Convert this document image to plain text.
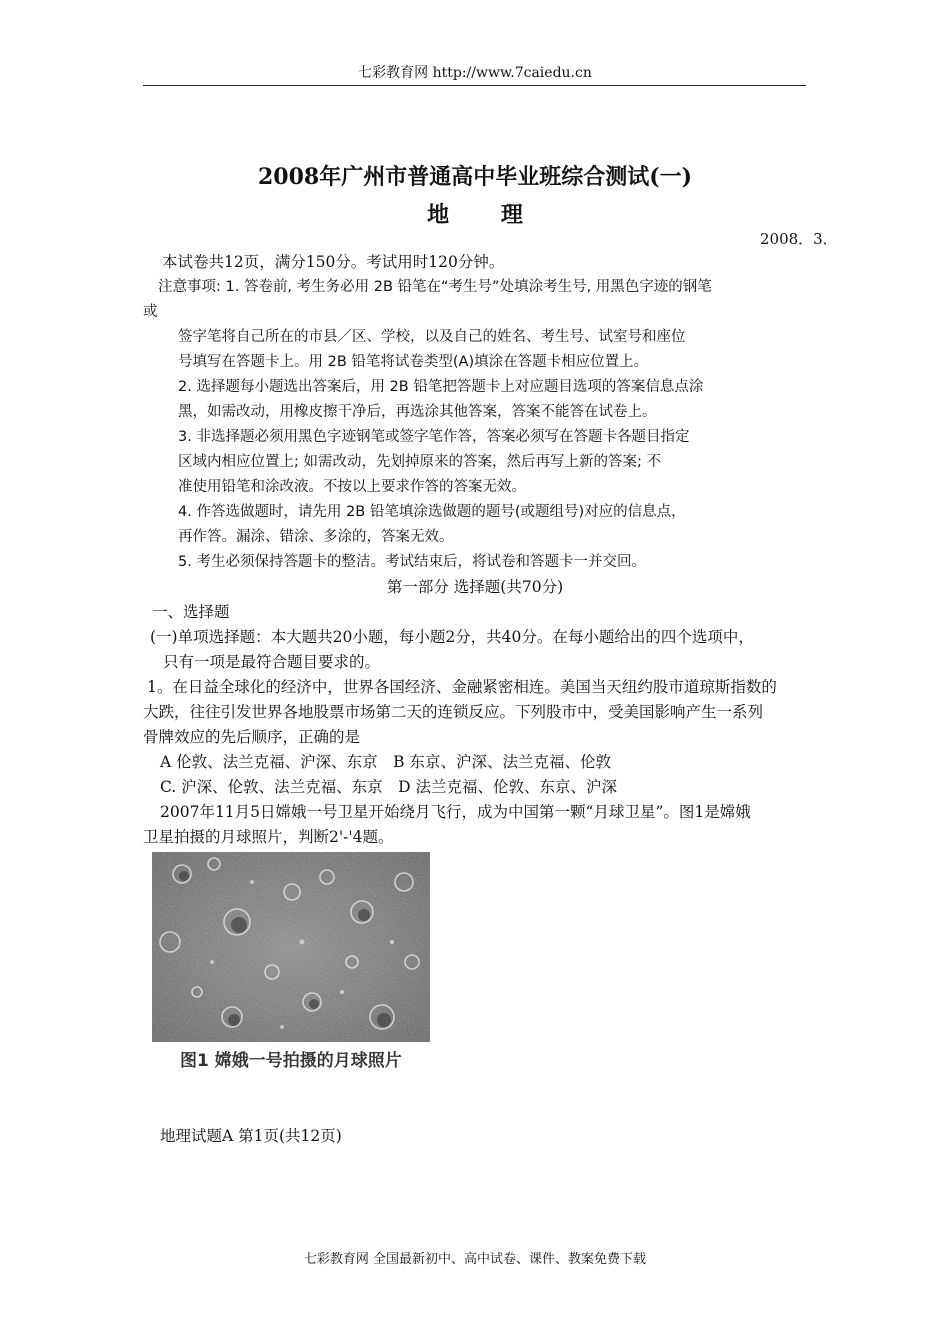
七彩教育网 http://www.7caiedu.cn
2008年广州市普通高中毕业班综合测试(一)
地 理
2008．3．
本试卷共12页，满分150分。考试用时120分钟。
注意事项: 1. 答卷前, 考生务必用 2B 铅笔在“考生号”处填涂考生号, 用黑色字迹的钢笔
或
签字笔将自己所在的市县／区、学校，以及自己的姓名、考生号、试室号和座位
号填写在答题卡上。用 2B 铅笔将试卷类型(A)填涂在答题卡相应位置上。
2. 选择题每小题选出答案后，用 2B 铅笔把答题卡上对应题目选项的答案信息点涂
黑，如需改动，用橡皮擦干净后，再选涂其他答案，答案不能答在试卷上。
3. 非选择题必须用黑色字迹钢笔或签字笔作答，答案必须写在答题卡各题目指定
区域内相应位置上; 如需改动，先划掉原来的答案，然后再写上新的答案; 不
准使用铅笔和涂改液。不按以上要求作答的答案无效。
4. 作答选做题时，请先用 2B 铅笔填涂选做题的题号(或题组号)对应的信息点，
再作答。漏涂、错涂、多涂的，答案无效。
5. 考生必须保持答题卡的整洁。考试结束后，将试卷和答题卡一并交回。
第一部分 选择题(共70分)
一、选择题
(一)单项选择题：本大题共20小题，每小题2分，共40分。在每小题给出的四个选项中，
只有一项是最符合题目要求的。
1。在日益全球化的经济中，世界各国经济、金融紧密相连。美国当天纽约股市道琼斯指数的
大跌，往往引发世界各地股票市场第二天的连锁反应。下列股市中，受美国影响产生一系列
骨牌效应的先后顺序，正确的是
A 伦敦、法兰克福、沪深、东京　B 东京、沪深、法兰克福、伦敦
C. 沪深、伦敦、法兰克福、东京　D 法兰克福、伦敦、东京、沪深
2007年11月5日嫦娥一号卫星开始绕月飞行，成为中国第一颗“月球卫星”。图1是嫦娥
卫星拍摄的月球照片，判断2'-'4题。
图1 嫦娥一号拍摄的月球照片
地理试题A 第1页(共12页)
七彩教育网 全国最新初中、高中试卷、课件、教案免费下载
